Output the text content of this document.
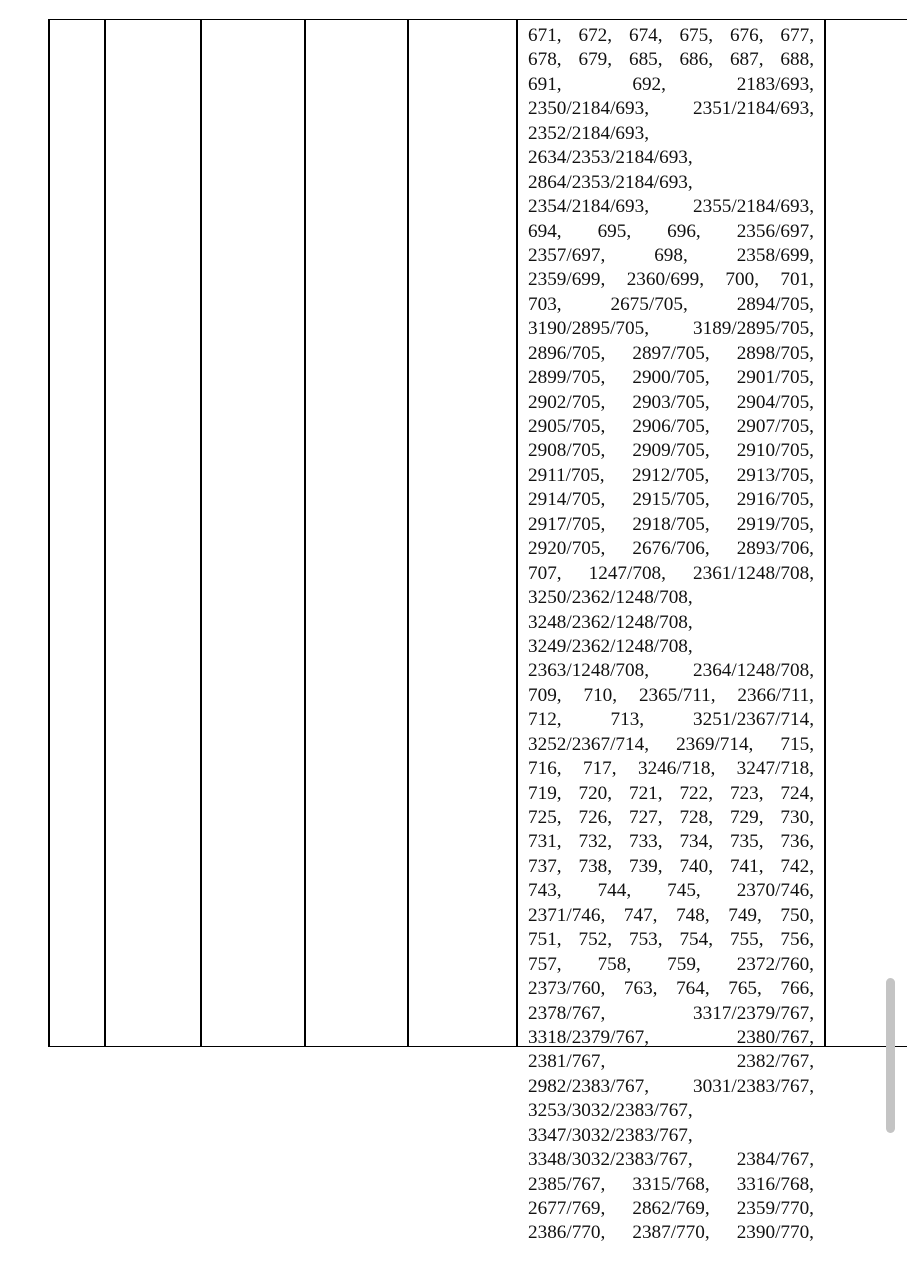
671, 672, 674, 675, 676, 677,
678, 679, 685, 686, 687, 688,
691,	692,	2183/693,
2350/2184/693, 2351/2184/693,
2352/2184/693,
2634/2353/2184/693,
2864/2353/2184/693,
2354/2184/693, 2355/2184/693,
694, 695, 696, 2356/697,
2357/697,	698,	2358/699,
2359/699, 2360/699, 700, 701,
703,	2675/705,	2894/705,
3190/2895/705, 3189/2895/705,
2896/705, 2897/705, 2898/705,
2899/705, 2900/705, 2901/705,
2902/705, 2903/705, 2904/705,
2905/705, 2906/705, 2907/705,
2908/705, 2909/705, 2910/705,
2911/705, 2912/705, 2913/705,
2914/705, 2915/705, 2916/705,
2917/705, 2918/705, 2919/705,
2920/705, 2676/706, 2893/706,
707, 1247/708, 2361/1248/708,
3250/2362/1248/708,
3248/2362/1248/708,
3249/2362/1248/708,
2363/1248/708, 2364/1248/708,
709, 710, 2365/711, 2366/711,
712,	713,	3251/2367/714,
3252/2367/714, 2369/714, 715,
716, 717, 3246/718, 3247/718,
719, 720, 721, 722, 723, 724,
725, 726, 727, 728, 729, 730,
731, 732, 733, 734, 735, 736,
737, 738, 739, 740, 741, 742,
743, 744, 745, 2370/746,
2371/746, 747, 748, 749, 750,
751, 752, 753, 754, 755, 756,
757, 758, 759, 2372/760,
2373/760, 763, 764, 765, 766,
2378/767,	3317/2379/767,
3318/2379/767,	2380/767,
2381/767,	2382/767,
2982/2383/767, 3031/2383/767,
3253/3032/2383/767,
3347/3032/2383/767,
3348/3032/2383/767, 2384/767,
2385/767, 3315/768, 3316/768,
2677/769, 2862/769, 2359/770,
2386/770, 2387/770, 2390/770,
